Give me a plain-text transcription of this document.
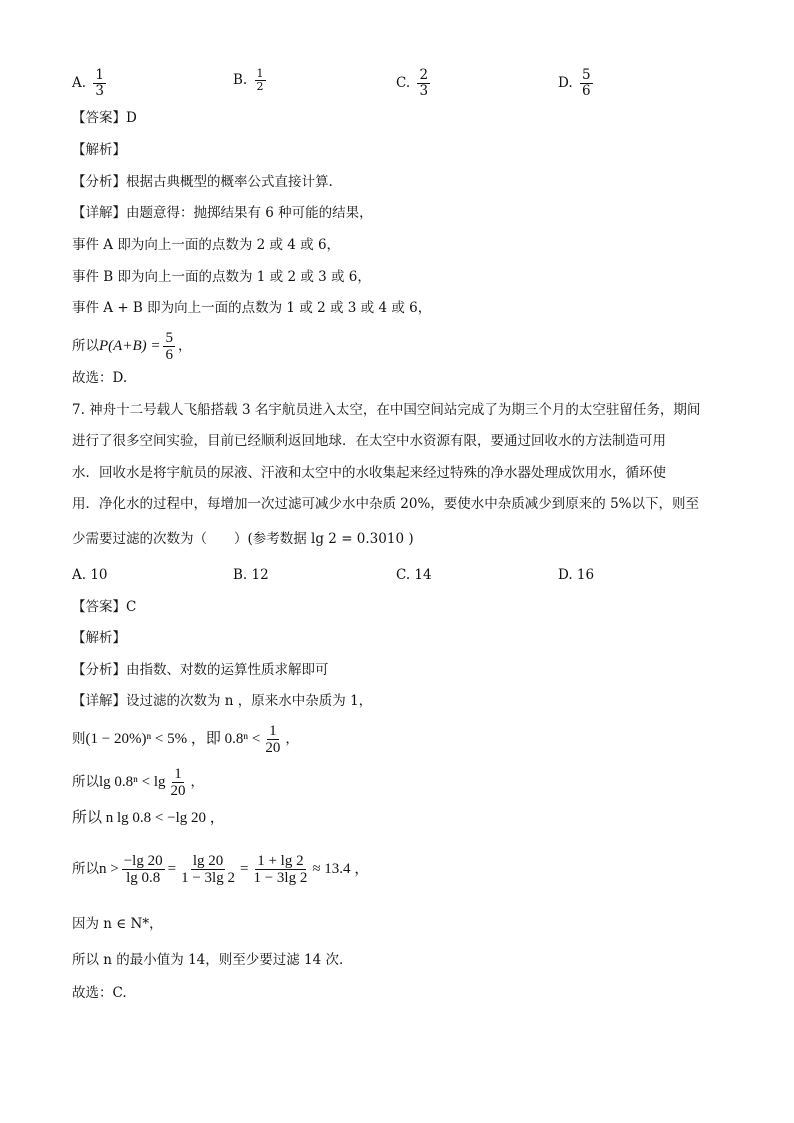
A. $\frac{1}{3}$	B. $\frac{1}{2}$	C. $\frac{2}{3}$	D. $\frac{5}{6}$
【答案】D
【解析】
【分析】根据古典概型的概率公式直接计算.
【详解】由题意得：抛掷结果有 6 种可能的结果，
事件 A 即为向上一面的点数为 2 或 4 或 6，
事件 B 即为向上一面的点数为 1 或 2 或 3 或 6，
事件 A + B 即为向上一面的点数为 1 或 2 或 3 或 4 或 6，
所以$P(A+B) = \frac{5}{6}$ ，
故选：D.
7. 神舟十二号载人飞船搭载 3 名宇航员进入太空，在中国空间站完成了为期三个月的太空驻留任务，期间
进行了很多空间实验，目前已经顺利返回地球．在太空中水资源有限，要通过回收水的方法制造可用
水．回收水是将宇航员的尿液、汗液和太空中的水收集起来经过特殊的净水器处理成饮用水，循环使
用．净化水的过程中，每增加一次过滤可减少水中杂质 20%，要使水中杂质减少到原来的 5%以下，则至
少需要过滤的次数为（　　）(参考数据 lg 2 = 0.3010 )
A. 10	B. 12	C. 14	D. 16
【答案】C
【解析】
【分析】由指数、对数的运算性质求解即可
【详解】设过滤的次数为 n ，原来水中杂质为 1，
则(1 − 20%)ⁿ < 5% ，即 $0.8^n < \frac{1}{20}$ ，
所以$\lg 0.8^n < \lg \frac{1}{20}$ ，
所以 n lg 0.8 < −lg 20 ，
所以$n > \frac{-\lg 20}{\lg 0.8} = \frac{\lg 20}{1 - 3\lg 2} = \frac{1 + \lg 2}{1 - 3\lg 2} \approx 13.4$ ，
因为 n ∈ N*，
所以 n 的最小值为 14，则至少要过滤 14 次．
故选：C.
